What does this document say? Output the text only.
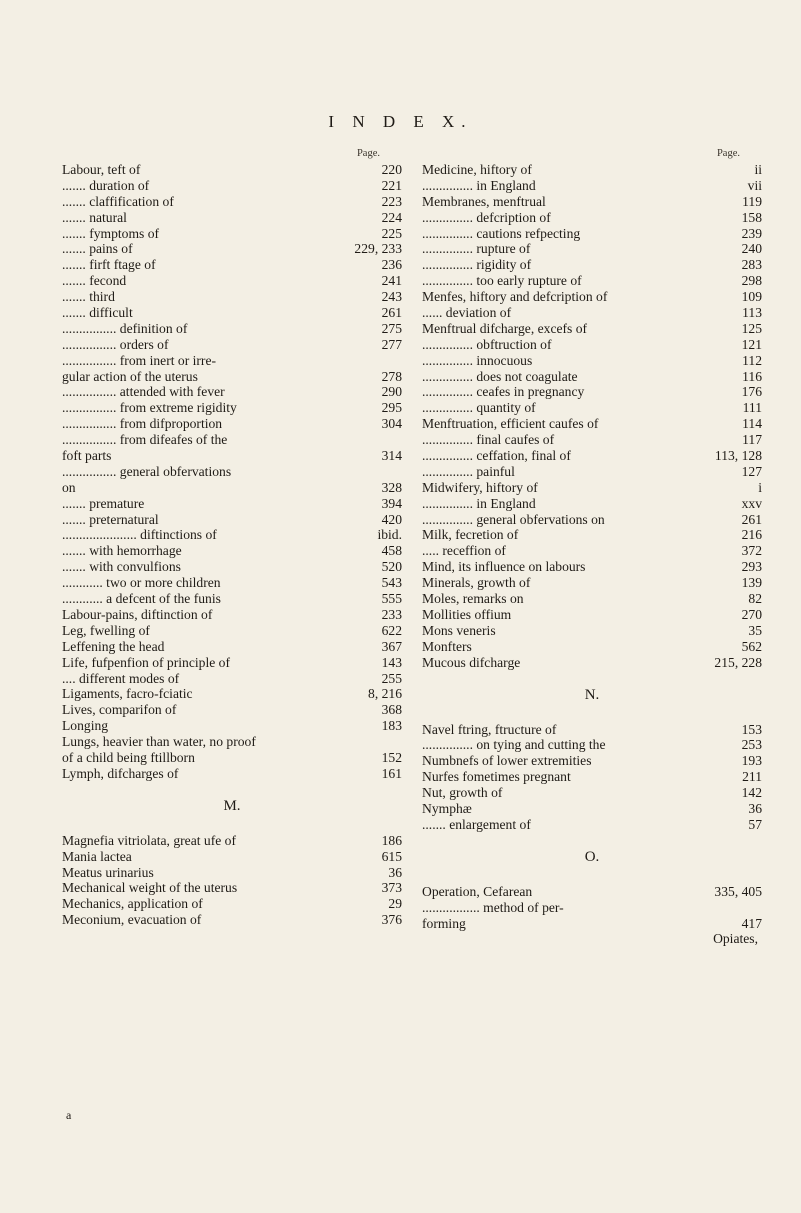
I N D E X.
Page.
Labour, teft of	220
....... duration of	221
....... claffification of	223
....... natural	224
....... fymptoms of	225
....... pains of	229, 233
....... firft ftage of	236
....... fecond	241
....... third	243
....... difficult	261
................ definition of	275
................ orders of	277
................ from inert or irre-
gular action of the uterus	278
................ attended with fever	290
................ from extreme rigidity	295
................ from difproportion	304
................ from difeafes of the
foft parts	314
................ general obfervations
on	328
....... premature	394
....... preternatural	420
...................... diftinctions of	ibid.
....... with hemorrhage	458
....... with convulfions	520
............ two or more children	543
............ a defcent of the funis	555
Labour-pains, diftinction of	233
Leg, fwelling of	622
Leffening the head	367
Life, fufpenfion of principle of	143
.... different modes of	255
Ligaments, facro-fciatic	8, 216
Lives, comparifon of	368
Longing	183
Lungs, heavier than water, no proof
of a child being ftillborn	152
Lymph, difcharges of	161
M.
Magnefia vitriolata, great ufe of	186
Mania lactea	615
Meatus urinarius	36
Mechanical weight of the uterus	373
Mechanics, application of	29
Meconium, evacuation of	376
Page.
Medicine, hiftory of	ii
............... in England	vii
Membranes, menftrual	119
............... defcription of	158
............... cautions refpecting	239
............... rupture of	240
............... rigidity of	283
............... too early rupture of	298
Menfes, hiftory and defcription of	109
...... deviation of	113
Menftrual difcharge, excefs of	125
............... obftruction of	121
............... innocuous	112
............... does not coagulate	116
............... ceafes in pregnancy	176
............... quantity of	111
Menftruation, efficient caufes of	114
............... final caufes of	117
............... ceffation, final of	113, 128
............... painful	127
Midwifery, hiftory of	i
............... in England	xxv
............... general obfervations on	261
Milk, fecretion of	216
..... receffion of	372
Mind, its influence on labours	293
Minerals, growth of	139
Moles, remarks on	82
Mollities offium	270
Mons veneris	35
Monfters	562
Mucous difcharge	215, 228
N.
Navel ftring, ftructure of	153
............... on tying and cutting the	253
Numbnefs of lower extremities	193
Nurfes fometimes pregnant	211
Nut, growth of	142
Nymphæ	36
....... enlargement of	57
O.
Operation, Cefarean	335, 405
................. method of per-
forming	417
Opiates,
a
